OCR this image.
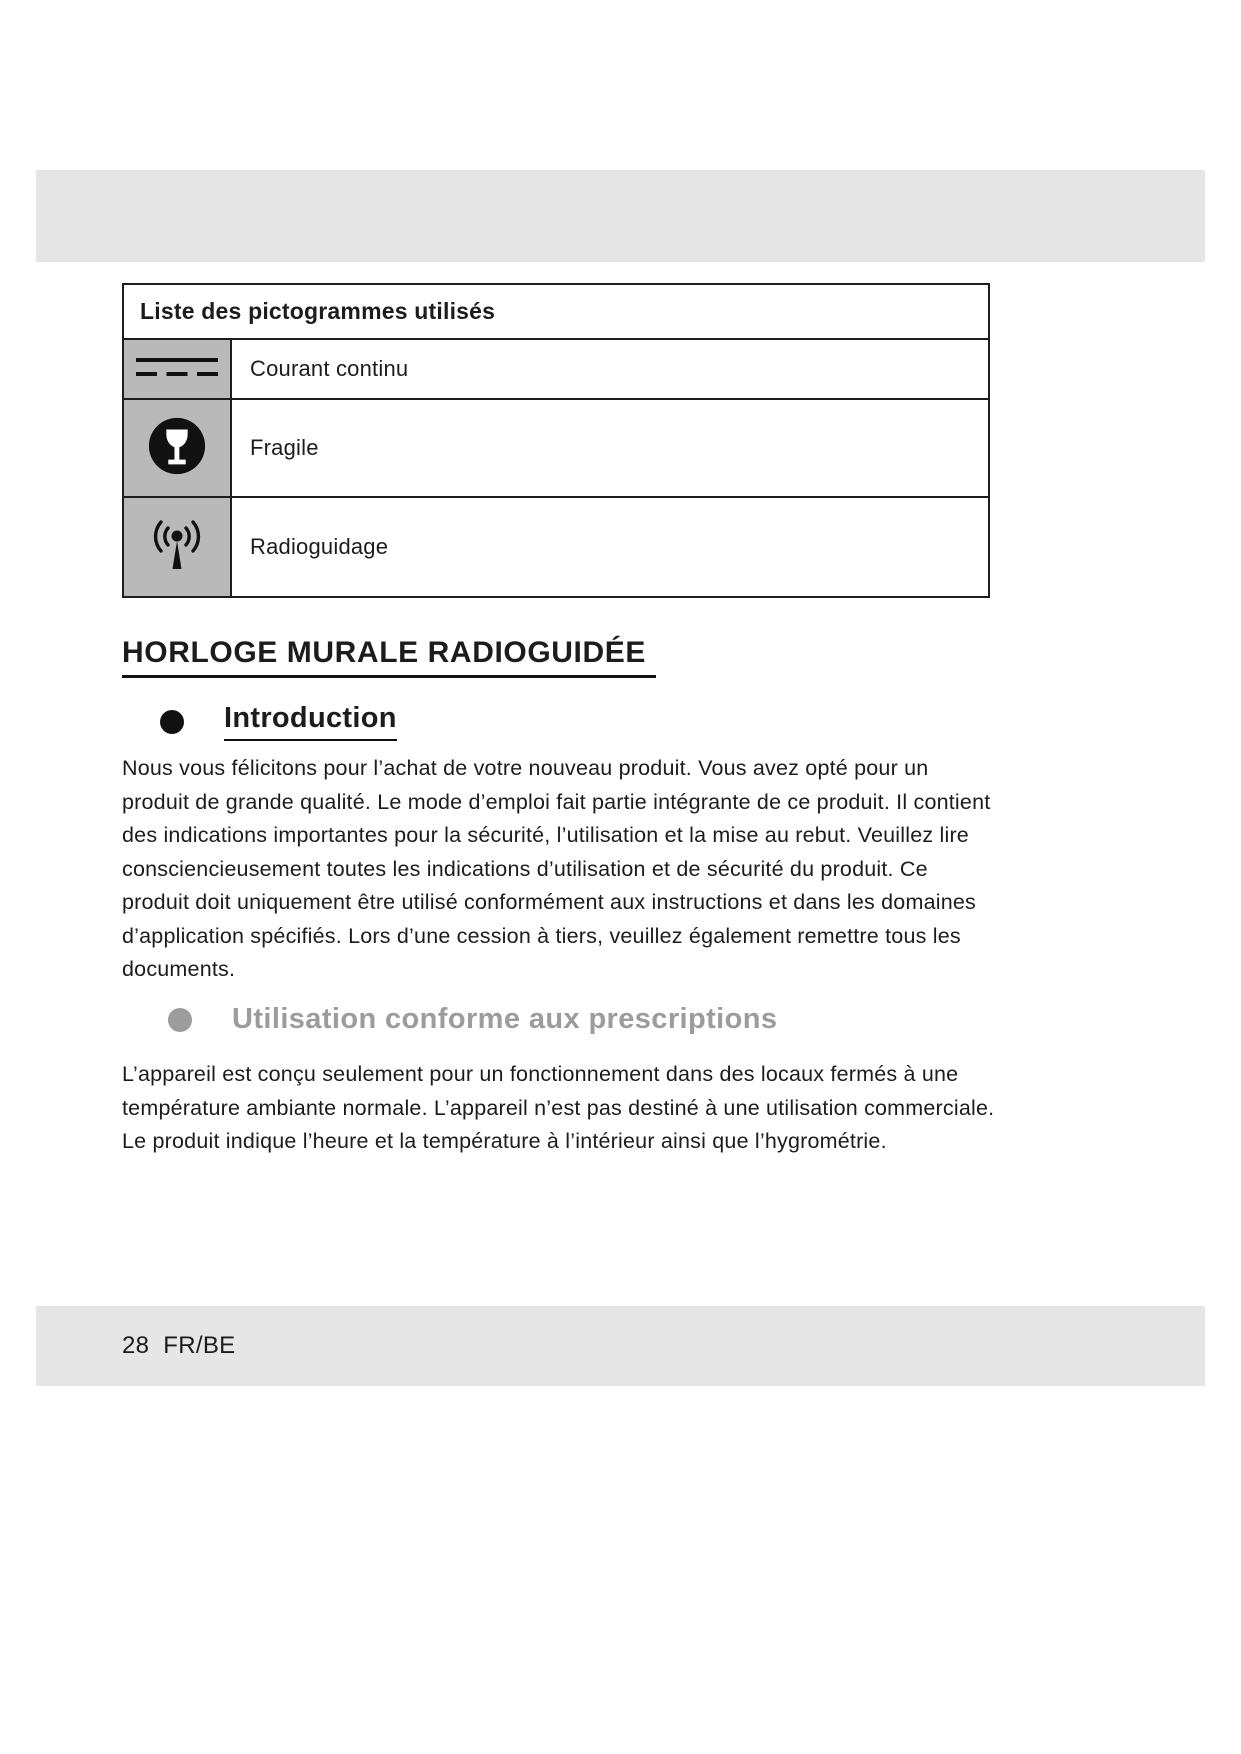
Liste des pictogrammes utilisés	
	Courant continu
	Fragile
	Radioguidage
HORLOGE MURALE RADIOGUIDÉE
Introduction
Nous vous félicitons pour l’achat de votre nouveau produit. Vous avez opté pour un produit de grande qualité. Le mode d’emploi fait partie intégrante de ce produit. Il contient des indications importantes pour la sécurité, l’utilisation et la mise au rebut. Veuillez lire consciencieusement toutes les indications d’utilisation et de sécurité du produit. Ce produit doit uniquement être utilisé conformément aux instructions et dans les domaines d’application spécifiés. Lors d’une cession à tiers, veuillez également remettre tous les documents.
Utilisation conforme aux prescriptions
L’appareil est conçu seulement pour un fonctionnement dans des locaux fermés à une température ambiante normale. L’appareil n’est pas destiné à une utilisation commerciale. Le produit indique l’heure et la température à l’intérieur ainsi que l’hygrométrie.
28 FR/BE
